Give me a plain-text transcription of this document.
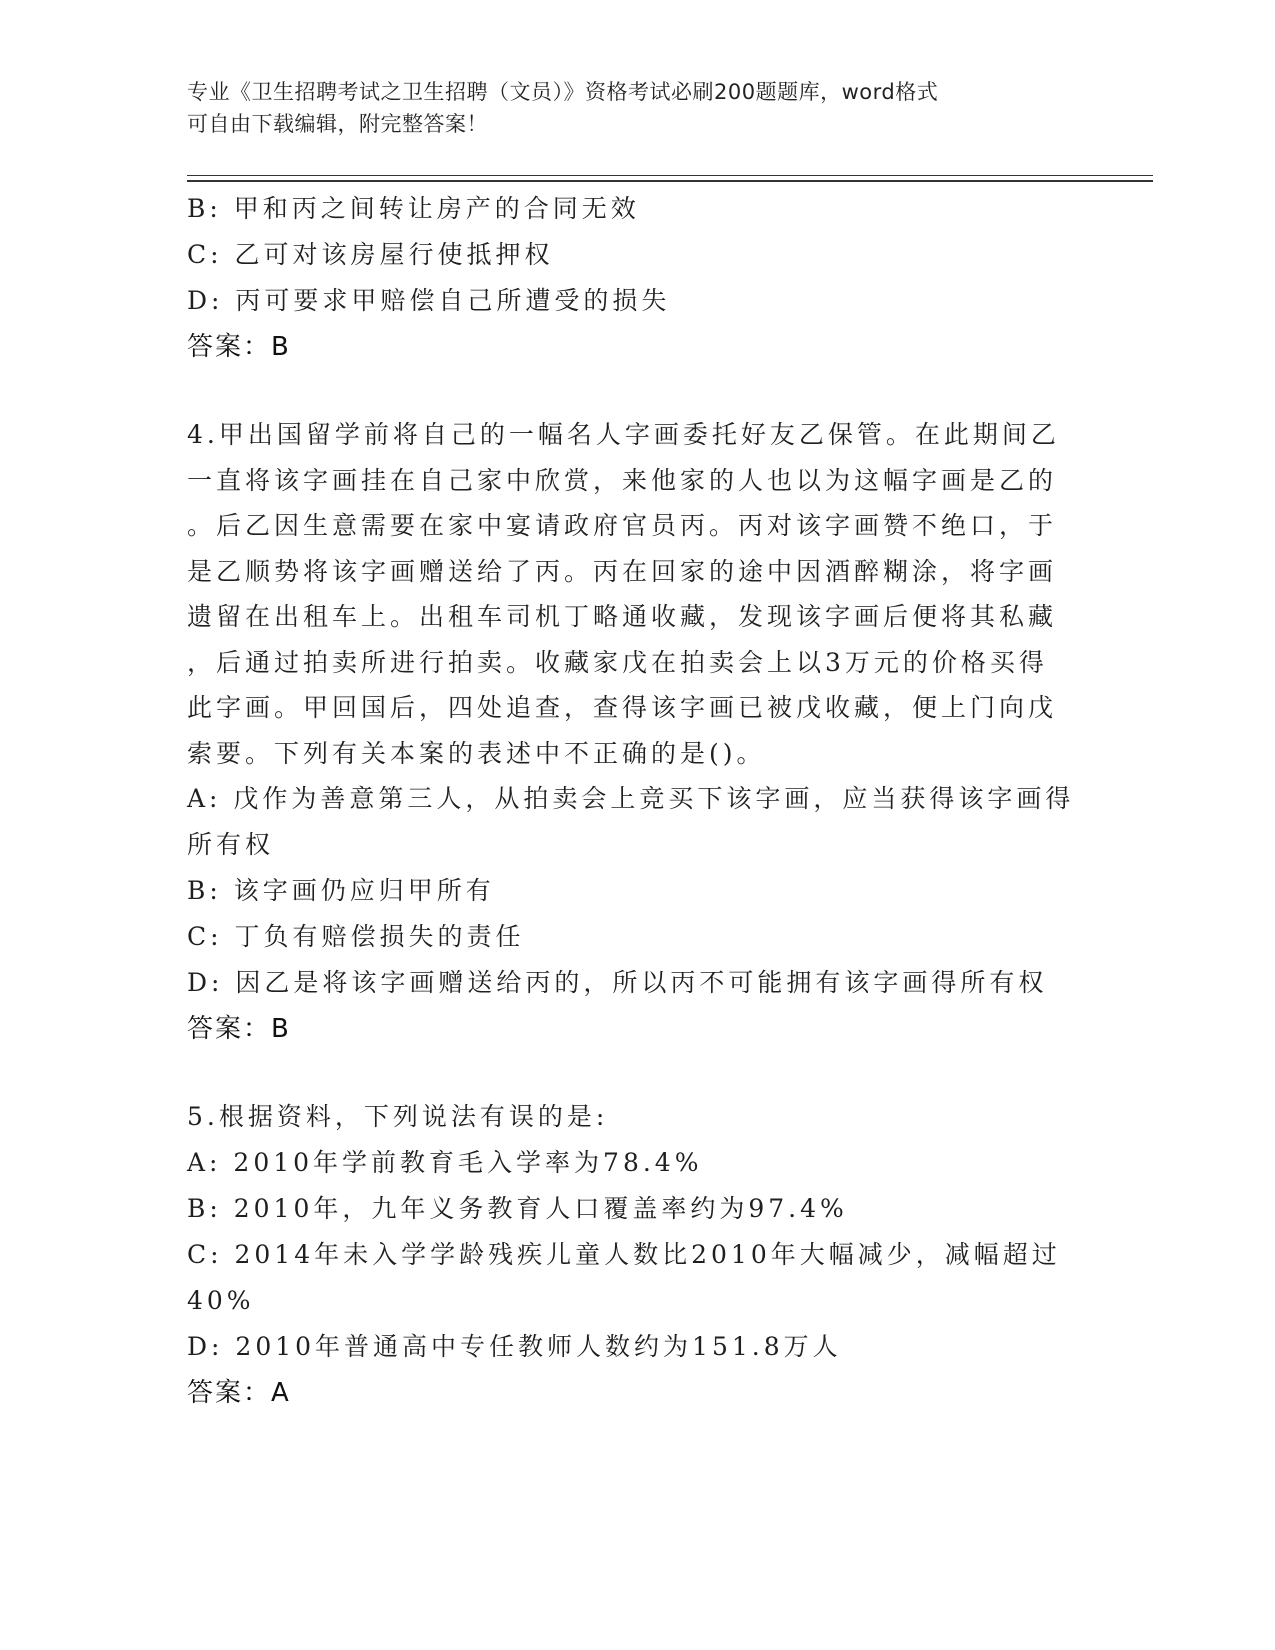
专业《卫生招聘考试之卫生招聘（文员）》资格考试必刷200题题库，word格式
可自由下载编辑，附完整答案！
B: 甲和丙之间转让房产的合同无效
C: 乙可对该房屋行使抵押权
D: 丙可要求甲赔偿自己所遭受的损失
答案：B
4.甲出国留学前将自己的一幅名人字画委托好友乙保管。在此期间乙
一直将该字画挂在自己家中欣赏，来他家的人也以为这幅字画是乙的
。后乙因生意需要在家中宴请政府官员丙。丙对该字画赞不绝口，于
是乙顺势将该字画赠送给了丙。丙在回家的途中因酒醉糊涂，将字画
遗留在出租车上。出租车司机丁略通收藏，发现该字画后便将其私藏
，后通过拍卖所进行拍卖。收藏家戊在拍卖会上以3万元的价格买得
此字画。甲回国后，四处追查，查得该字画已被戊收藏，便上门向戊
索要。下列有关本案的表述中不正确的是()。
A: 戊作为善意第三人，从拍卖会上竞买下该字画，应当获得该字画得
所有权
B: 该字画仍应归甲所有
C: 丁负有赔偿损失的责任
D: 因乙是将该字画赠送给丙的，所以丙不可能拥有该字画得所有权
答案：B
5.根据资料，下列说法有误的是:
A: 2010年学前教育毛入学率为78.4%
B: 2010年，九年义务教育人口覆盖率约为97.4%
C: 2014年未入学学龄残疾儿童人数比2010年大幅减少，减幅超过
40%
D: 2010年普通高中专任教师人数约为151.8万人
答案：A
